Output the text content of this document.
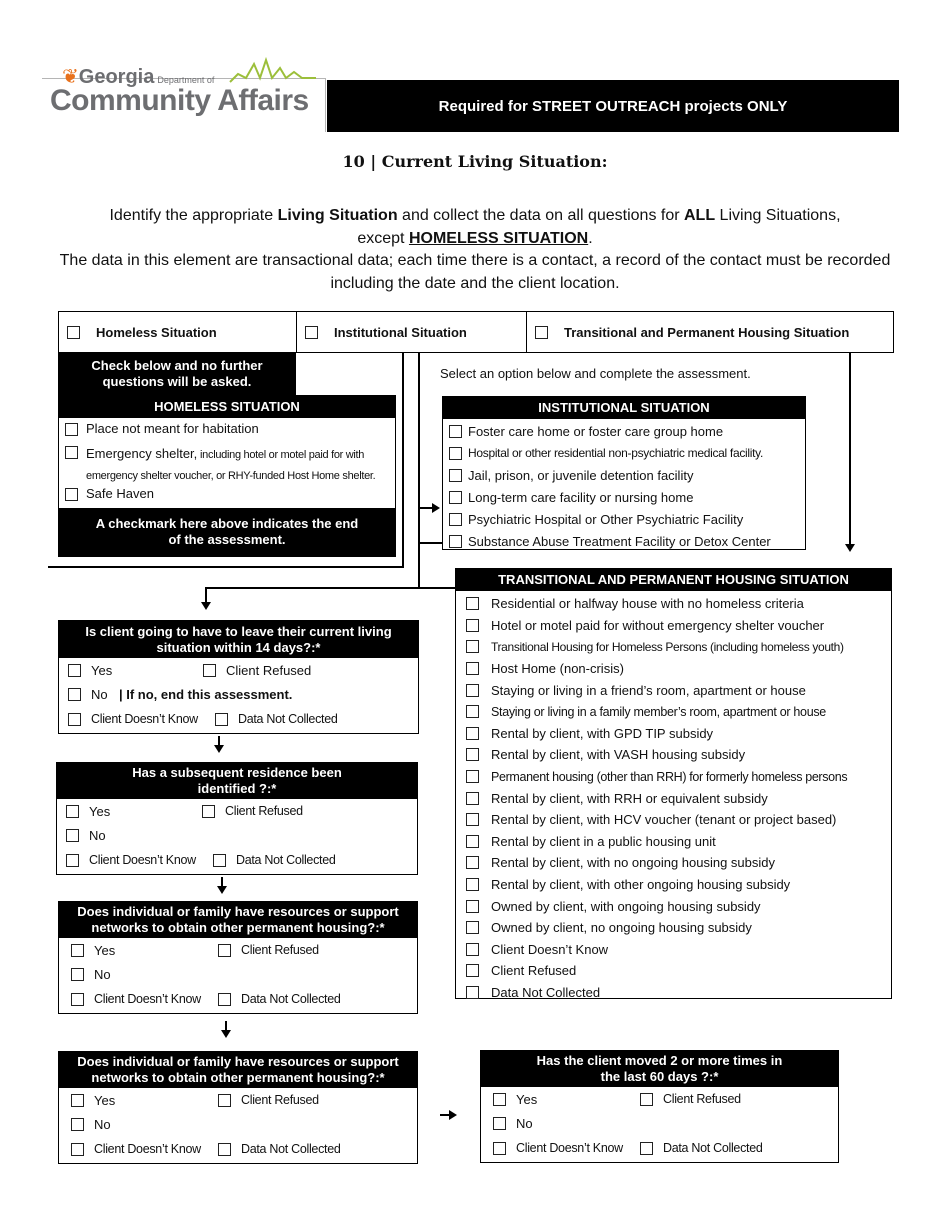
❦Georgia Department of
Community Affairs	Required for STREET OUTREACH projects ONLY
10 | Current Living Situation:
Identify the appropriate Living Situation and collect the data on all questions for ALL Living Situations,
except HOMELESS SITUATION.
The data in this element are transactional data; each time there is a contact, a record of the contact must be recorded including the date and the client location.
Homeless Situation	Institutional Situation	Transitional and Permanent Housing Situation
Check below and no further questions will be asked.
HOMELESS SITUATION
Place not meant for habitation
Emergency shelter, including hotel or motel paid for with
emergency shelter voucher, or RHY-funded Host Home shelter.
Safe Haven
A checkmark here above indicates the end of the assessment.
Select an option below and complete the assessment.
INSTITUTIONAL SITUATION
Foster care home or foster care group home
Hospital or other residential non-psychiatric medical facility.
Jail, prison, or juvenile detention facility
Long-term care facility or nursing home
Psychiatric Hospital or Other Psychiatric Facility
Substance Abuse Treatment Facility or Detox Center
TRANSITIONAL AND PERMANENT HOUSING SITUATION
Residential or halfway house with no homeless criteria
Hotel or motel paid for without emergency shelter voucher
Transitional Housing for Homeless Persons (including homeless youth)
Host Home (non-crisis)
Staying or living in a friend’s room, apartment or house
Staying or living in a family member’s room, apartment or house
Rental by client, with GPD TIP subsidy
Rental by client, with VASH housing subsidy
Permanent housing (other than RRH) for formerly homeless persons
Rental by client, with RRH or equivalent subsidy
Rental by client, with HCV voucher (tenant or project based)
Rental by client in a public housing unit
Rental by client, with no ongoing housing subsidy
Rental by client, with other ongoing housing subsidy
Owned by client, with ongoing housing subsidy
Owned by client, no ongoing housing subsidy
Client Doesn’t Know
Client Refused
Data Not Collected
Is client going to have to leave their current living situation within 14 days?:*
Yes	Client Refused
No | If no, end this assessment.
Client Doesn’t Know	Data Not Collected
Has a subsequent residence been identified ?:*
Yes	Client Refused
No
Client Doesn’t Know	Data Not Collected
Does individual or family have resources or support networks to obtain other permanent housing?:*
Yes	Client Refused
No
Client Doesn’t Know	Data Not Collected
Does individual or family have resources or support networks to obtain other permanent housing?:*
Yes	Client Refused
No
Client Doesn’t Know	Data Not Collected
Has the client moved 2 or more times in the last 60 days ?:*
Yes	Client Refused
No
Client Doesn’t Know	Data Not Collected
